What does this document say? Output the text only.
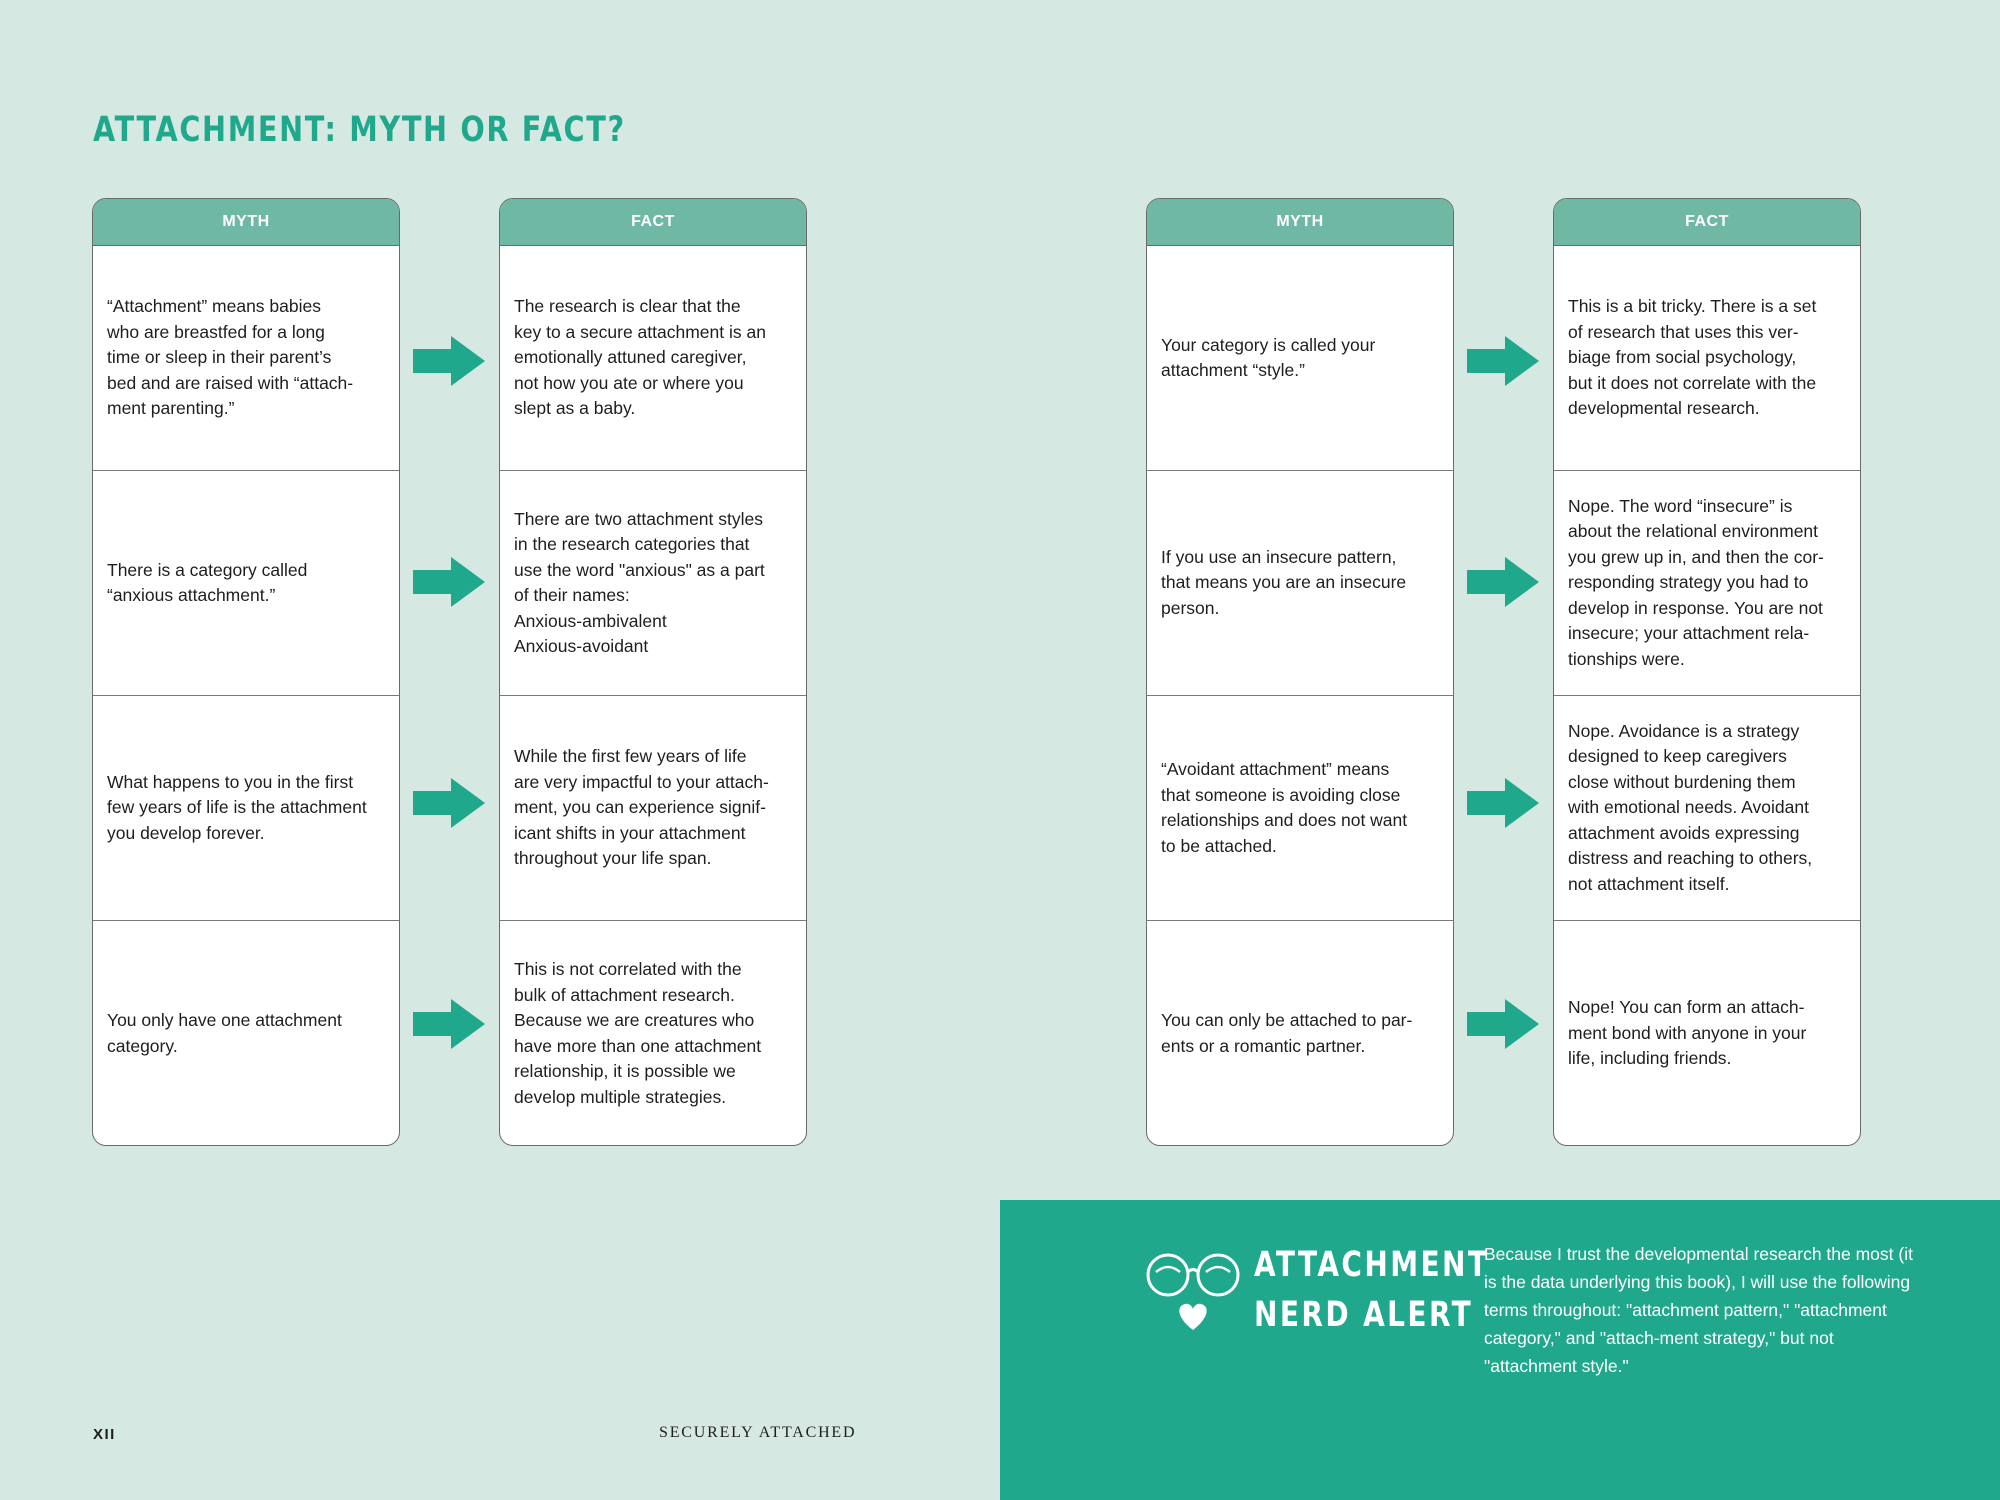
ATTACHMENT: MYTH OR FACT?
MYTH
“Attachment” means babies
who are breastfed for a long
time or sleep in their parent’s
bed and are raised with “attach-
ment parenting.”
There is a category called
“anxious attachment.”
What happens to you in the first
few years of life is the attachment
you develop forever.
You only have one attachment
category.
FACT
The research is clear that the
key to a secure attachment is an
emotionally attuned caregiver,
not how you ate or where you
slept as a baby.
There are two attachment styles
in the research categories that
use the word "anxious" as a part
of their names:
Anxious-ambivalent
Anxious-avoidant
While the first few years of life
are very impactful to your attach-
ment, you can experience signif-
icant shifts in your attachment
throughout your life span.
This is not correlated with the
bulk of attachment research.
Because we are creatures who
have more than one attachment
relationship, it is possible we
develop multiple strategies.
MYTH
Your category is called your
attachment “style.”
If you use an insecure pattern,
that means you are an insecure
person.
“Avoidant attachment” means
that someone is avoiding close
relationships and does not want
to be attached.
You can only be attached to par-
ents or a romantic partner.
FACT
This is a bit tricky. There is a set
of research that uses this ver-
biage from social psychology,
but it does not correlate with the
developmental research.
Nope. The word “insecure” is
about the relational environment
you grew up in, and then the cor-
responding strategy you had to
develop in response. You are not
insecure; your attachment rela-
tionships were.
Nope. Avoidance is a strategy
designed to keep caregivers
close without burdening them
with emotional needs. Avoidant
attachment avoids expressing
distress and reaching to others,
not attachment itself.
Nope! You can form an attach-
ment bond with anyone in your
life, including friends.
ATTACHMENT
NERD ALERT
Because I trust the developmental research the most (it is the data underlying this book), I will use the following terms throughout: "attachment pattern," "attachment category," and "attach-ment strategy," but not "attachment style."
XII	SECURELY ATTACHED
